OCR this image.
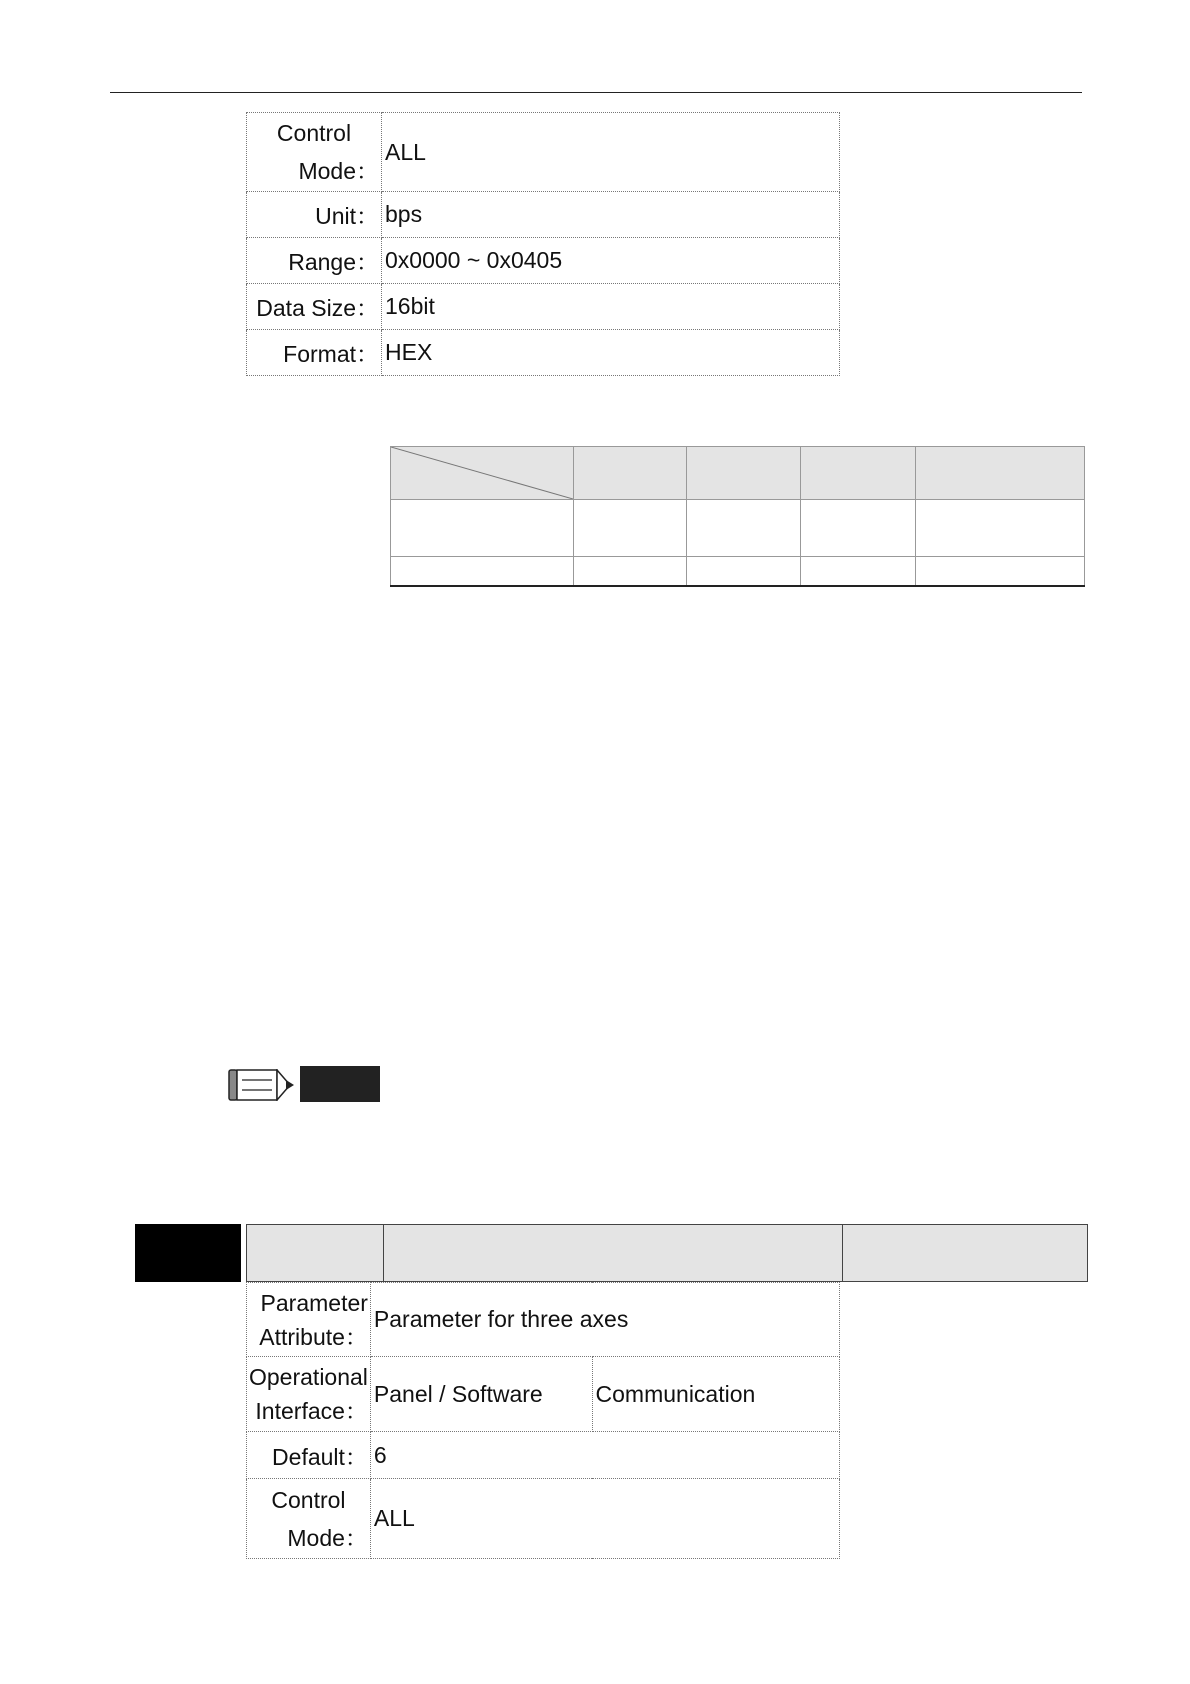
Control
Mode：	ALL
Unit：	bps
Range：	0x0000 ~ 0x0405
Data Size：	16bit
Format：	HEX

Parameter
Attribute：	Parameter for three axes	

Operational
Interface：	Panel / Software	Communication
Default：	6	

Control
Mode：	ALL	
